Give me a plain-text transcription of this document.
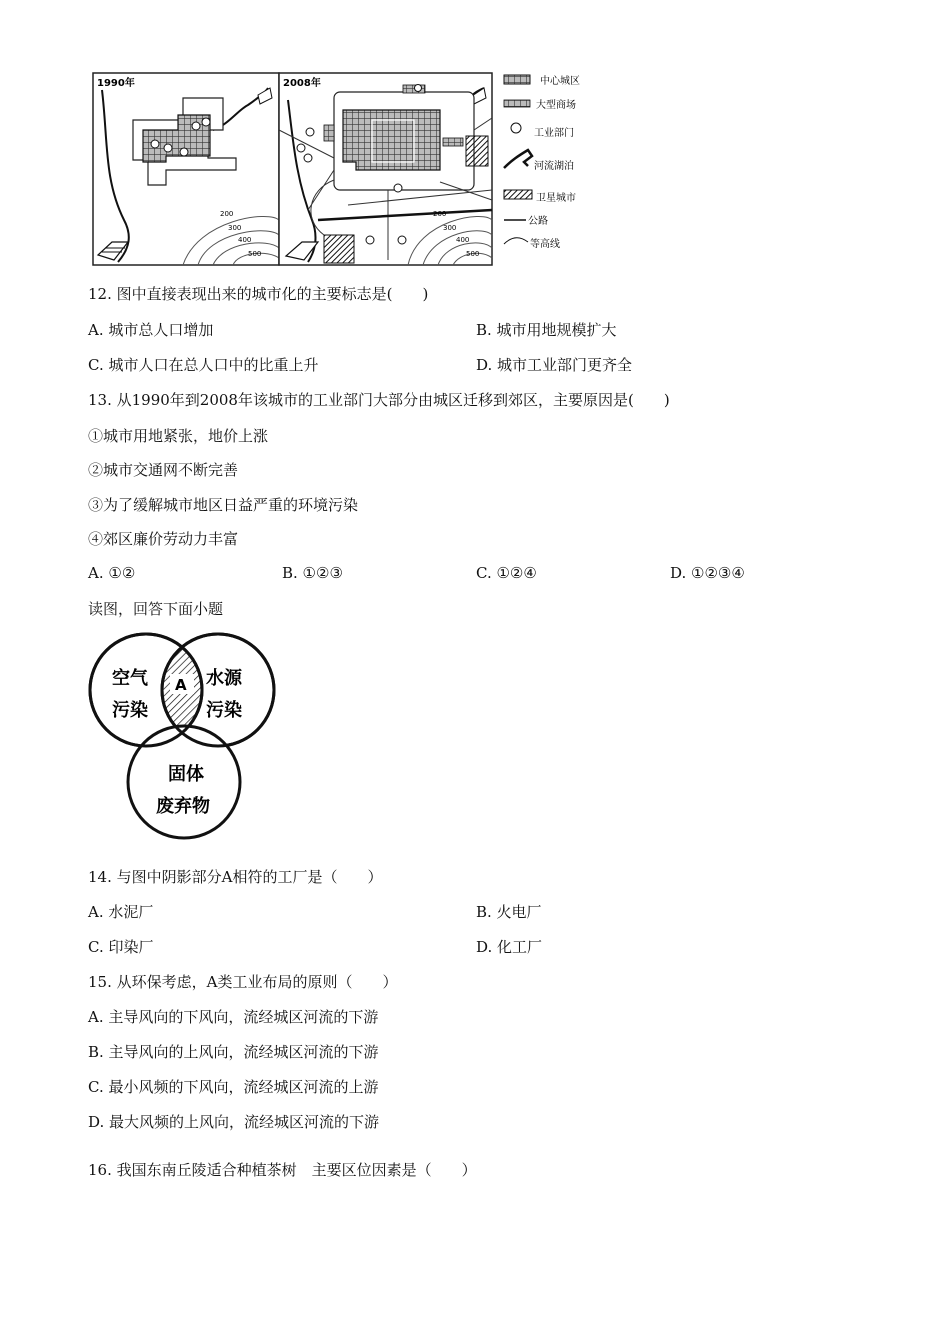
1990年
200
300
400
500
2008年
200
300
400
500
中心城区
大型商场
工业部门
河流湖泊
卫星城市
公路
等高线
12. 图中直接表现出来的城市化的主要标志是(　　)
A. 城市总人口增加	B. 城市用地规模扩大
C. 城市人口在总人口中的比重上升	D. 城市工业部门更齐全
13. 从1990年到2008年该城市的工业部门大部分由城区迁移到郊区，主要原因是(　　)
①城市用地紧张，地价上涨
②城市交通网不断完善
③为了缓解城市地区日益严重的环境污染
④郊区廉价劳动力丰富
A. ①②	B. ①②③	C. ①②④	D. ①②③④
读图，回答下面小题
A
空气
污染
水源
污染
固体
废弃物
14. 与图中阴影部分A相符的工厂是（　　）
A. 水泥厂	B. 火电厂
C. 印染厂	D. 化工厂
15. 从环保考虑，A类工业布局的原则（　　）
A. 主导风向的下风向，流经城区河流的下游
B. 主导风向的上风向，流经城区河流的下游
C. 最小风频的下风向，流经城区河流的上游
D. 最大风频的上风向，流经城区河流的下游
16. 我国东南丘陵适合种植茶树　主要区位因素是（　　）
